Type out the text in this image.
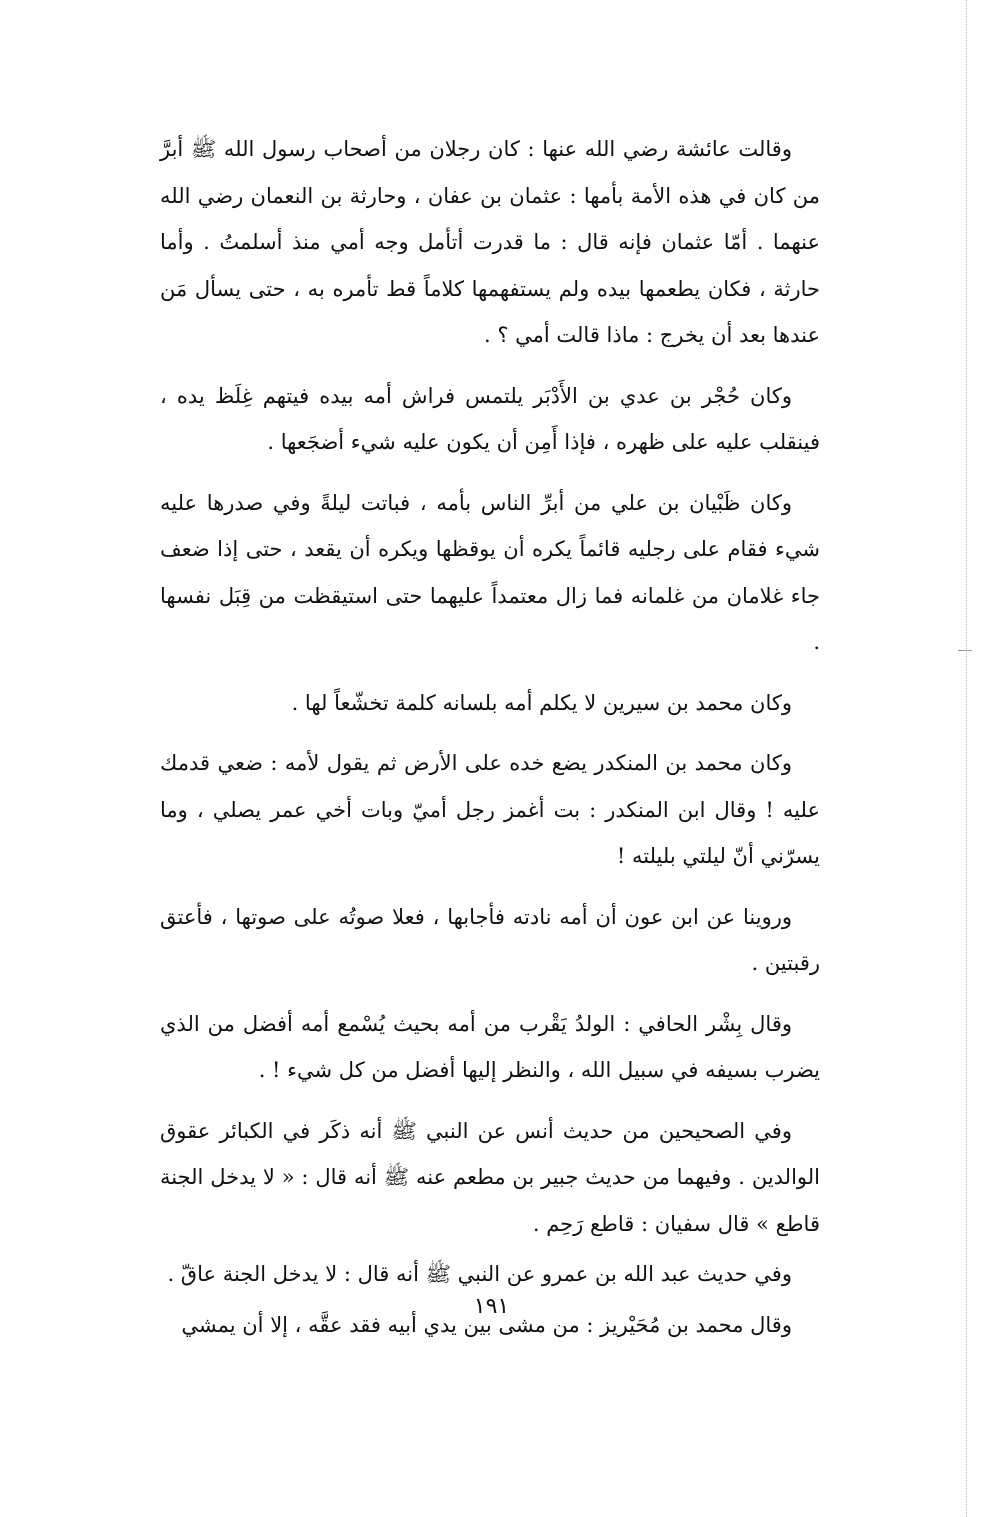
وقالت عائشة رضي الله عنها : كان رجلان من أصحاب رسول الله ﷺ أبرَّ من كان في هذه الأمة بأمها : عثمان بن عفان ، وحارثة بن النعمان رضي الله عنهما . أمّا عثمان فإنه قال : ما قدرت أتأمل وجه أمي منذ أسلمتُ . وأما حارثة ، فكان يطعمها بيده ولم يستفهمها كلاماً قط تأمره به ، حتى يسأل مَن عندها بعد أن يخرج : ماذا قالت أمي ؟ .

وكان حُجْر بن عدي بن الأَدْبَر يلتمس فراش أمه بيده فيتهم غِلَظ يده ، فينقلب عليه على ظهره ، فإذا أَمِن أن يكون عليه شيء أضجَعها .

وكان ظَبْيان بن علي من أبرِّ الناس بأمه ، فباتت ليلةً وفي صدرها عليه شيء فقام على رجليه قائماً يكره أن يوقظها ويكره أن يقعد ، حتى إذا ضعف جاء غلامان من غلمانه فما زال معتمداً عليهما حتى استيقظت من قِبَل نفسها .

وكان محمد بن سيرين لا يكلم أمه بلسانه كلمة تخشّعاً لها .

وكان محمد بن المنكدر يضع خده على الأرض ثم يقول لأمه : ضعي قدمك عليه ! وقال ابن المنكدر : بت أغمز رجل أميّ وبات أخي عمر يصلي ، وما يسرّني أنّ ليلتي بليلته !

وروينا عن ابن عون أن أمه نادته فأجابها ، فعلا صوتُه على صوتها ، فأعتق رقبتين .

وقال بِشْر الحافي : الولدُ يَقْرب من أمه بحيث يُسْمع أمه أفضل من الذي يضرب بسيفه في سبيل الله ، والنظر إليها أفضل من كل شيء ! .

وفي الصحيحين من حديث أنس عن النبي ﷺ أنه ذكَر في الكبائر عقوق الوالدين . وفيهما من حديث جبير بن مطعم عنه ﷺ أنه قال : « لا يدخل الجنة قاطع » قال سفيان : قاطع رَحِم .

وفي حديث عبد الله بن عمرو عن النبي ﷺ أنه قال : لا يدخل الجنة عاقّ .

وقال محمد بن مُحَيْريز : من مشى بين يدي أبيه فقد عقَّه ، إلا أن يمشي

١٩١
